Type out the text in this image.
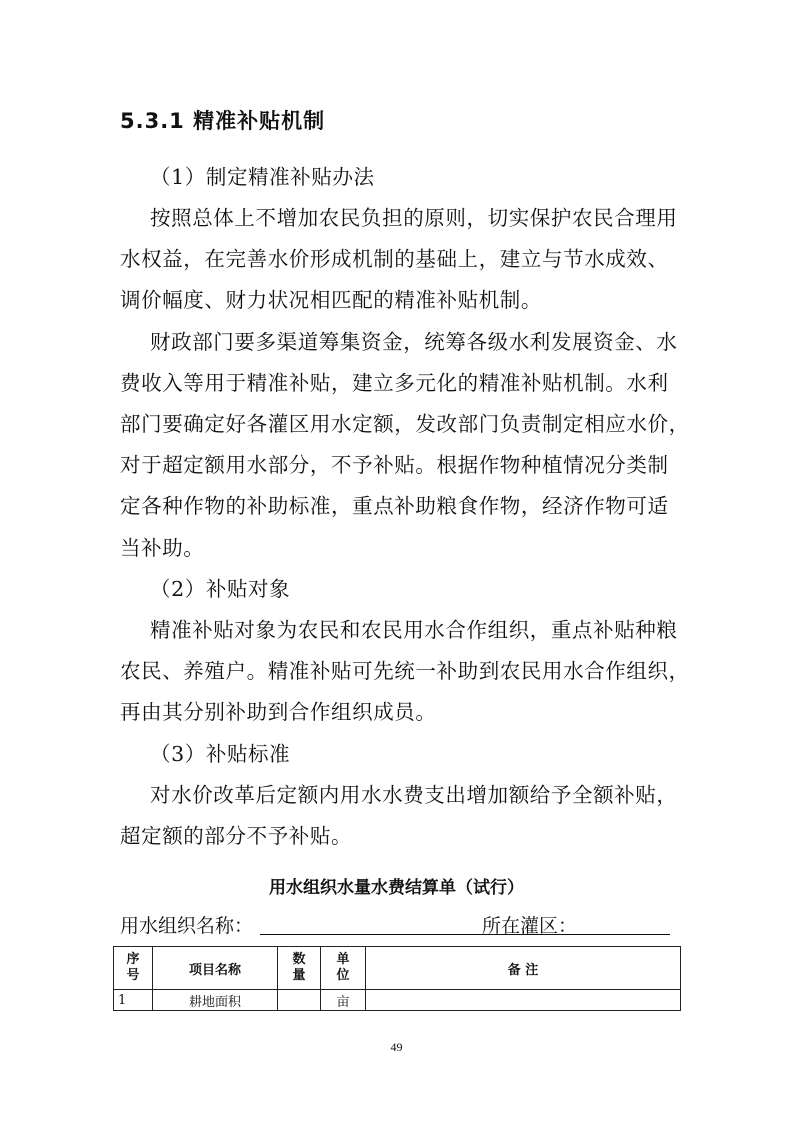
5.3.1 精准补贴机制
（1）制定精准补贴办法
按照总体上不增加农民负担的原则，切实保护农民合理用
水权益，在完善水价形成机制的基础上，建立与节水成效、
调价幅度、财力状况相匹配的精准补贴机制。
财政部门要多渠道筹集资金，统筹各级水利发展资金、水
费收入等用于精准补贴，建立多元化的精准补贴机制。水利
部门要确定好各灌区用水定额，发改部门负责制定相应水价，
对于超定额用水部分，不予补贴。根据作物种植情况分类制
定各种作物的补助标准，重点补助粮食作物，经济作物可适
当补助。
（2）补贴对象
精准补贴对象为农民和农民用水合作组织，重点补贴种粮
农民、养殖户。精准补贴可先统一补助到农民用水合作组织，
再由其分别补助到合作组织成员。
（3）补贴标准
对水价改革后定额内用水水费支出增加额给予全额补贴，
超定额的部分不予补贴。
用水组织水量水费结算单（试行）
用水组织名称：	所在灌区：
序号	项目名称	数量	单位	备 注
1	耕地面积		亩	
49
